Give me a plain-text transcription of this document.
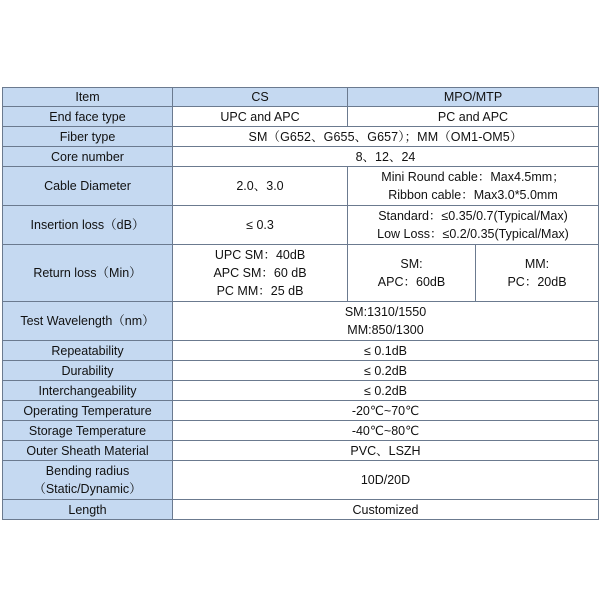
Item	CS	MPO/MTP	
End face type	UPC and APC	PC and APC	
Fiber type	SM（G652、G655、G657）；MM（OM1-OM5）		
Core number	8、12、24		
Cable Diameter	2.0、3.0	Mini Round cable：Max4.5mm；
Ribbon cable：Max3.0*5.0mm	

Insertion loss（dB）	≤ 0.3	Standard：≤0.35/0.7(Typical/Max)
Low Loss：≤0.2/0.35(Typical/Max)	

Return loss（Min）	UPC SM：40dB
APC SM：60 dB
PC MM：25 dB	SM:
APC：60dB	MM:
PC：20dB

Test Wavelength（nm）	SM:1310/1550
MM:850/1300		

Repeatability	≤ 0.1dB		
Durability	≤ 0.2dB		
Interchangeability	≤ 0.2dB		
Operating Temperature	-20℃~70℃		
Storage Temperature	-40℃~80℃		
Outer Sheath Material	PVC、LSZH		

Bending radius
（Static/Dynamic）	10D/20D		
Length	Customized		
